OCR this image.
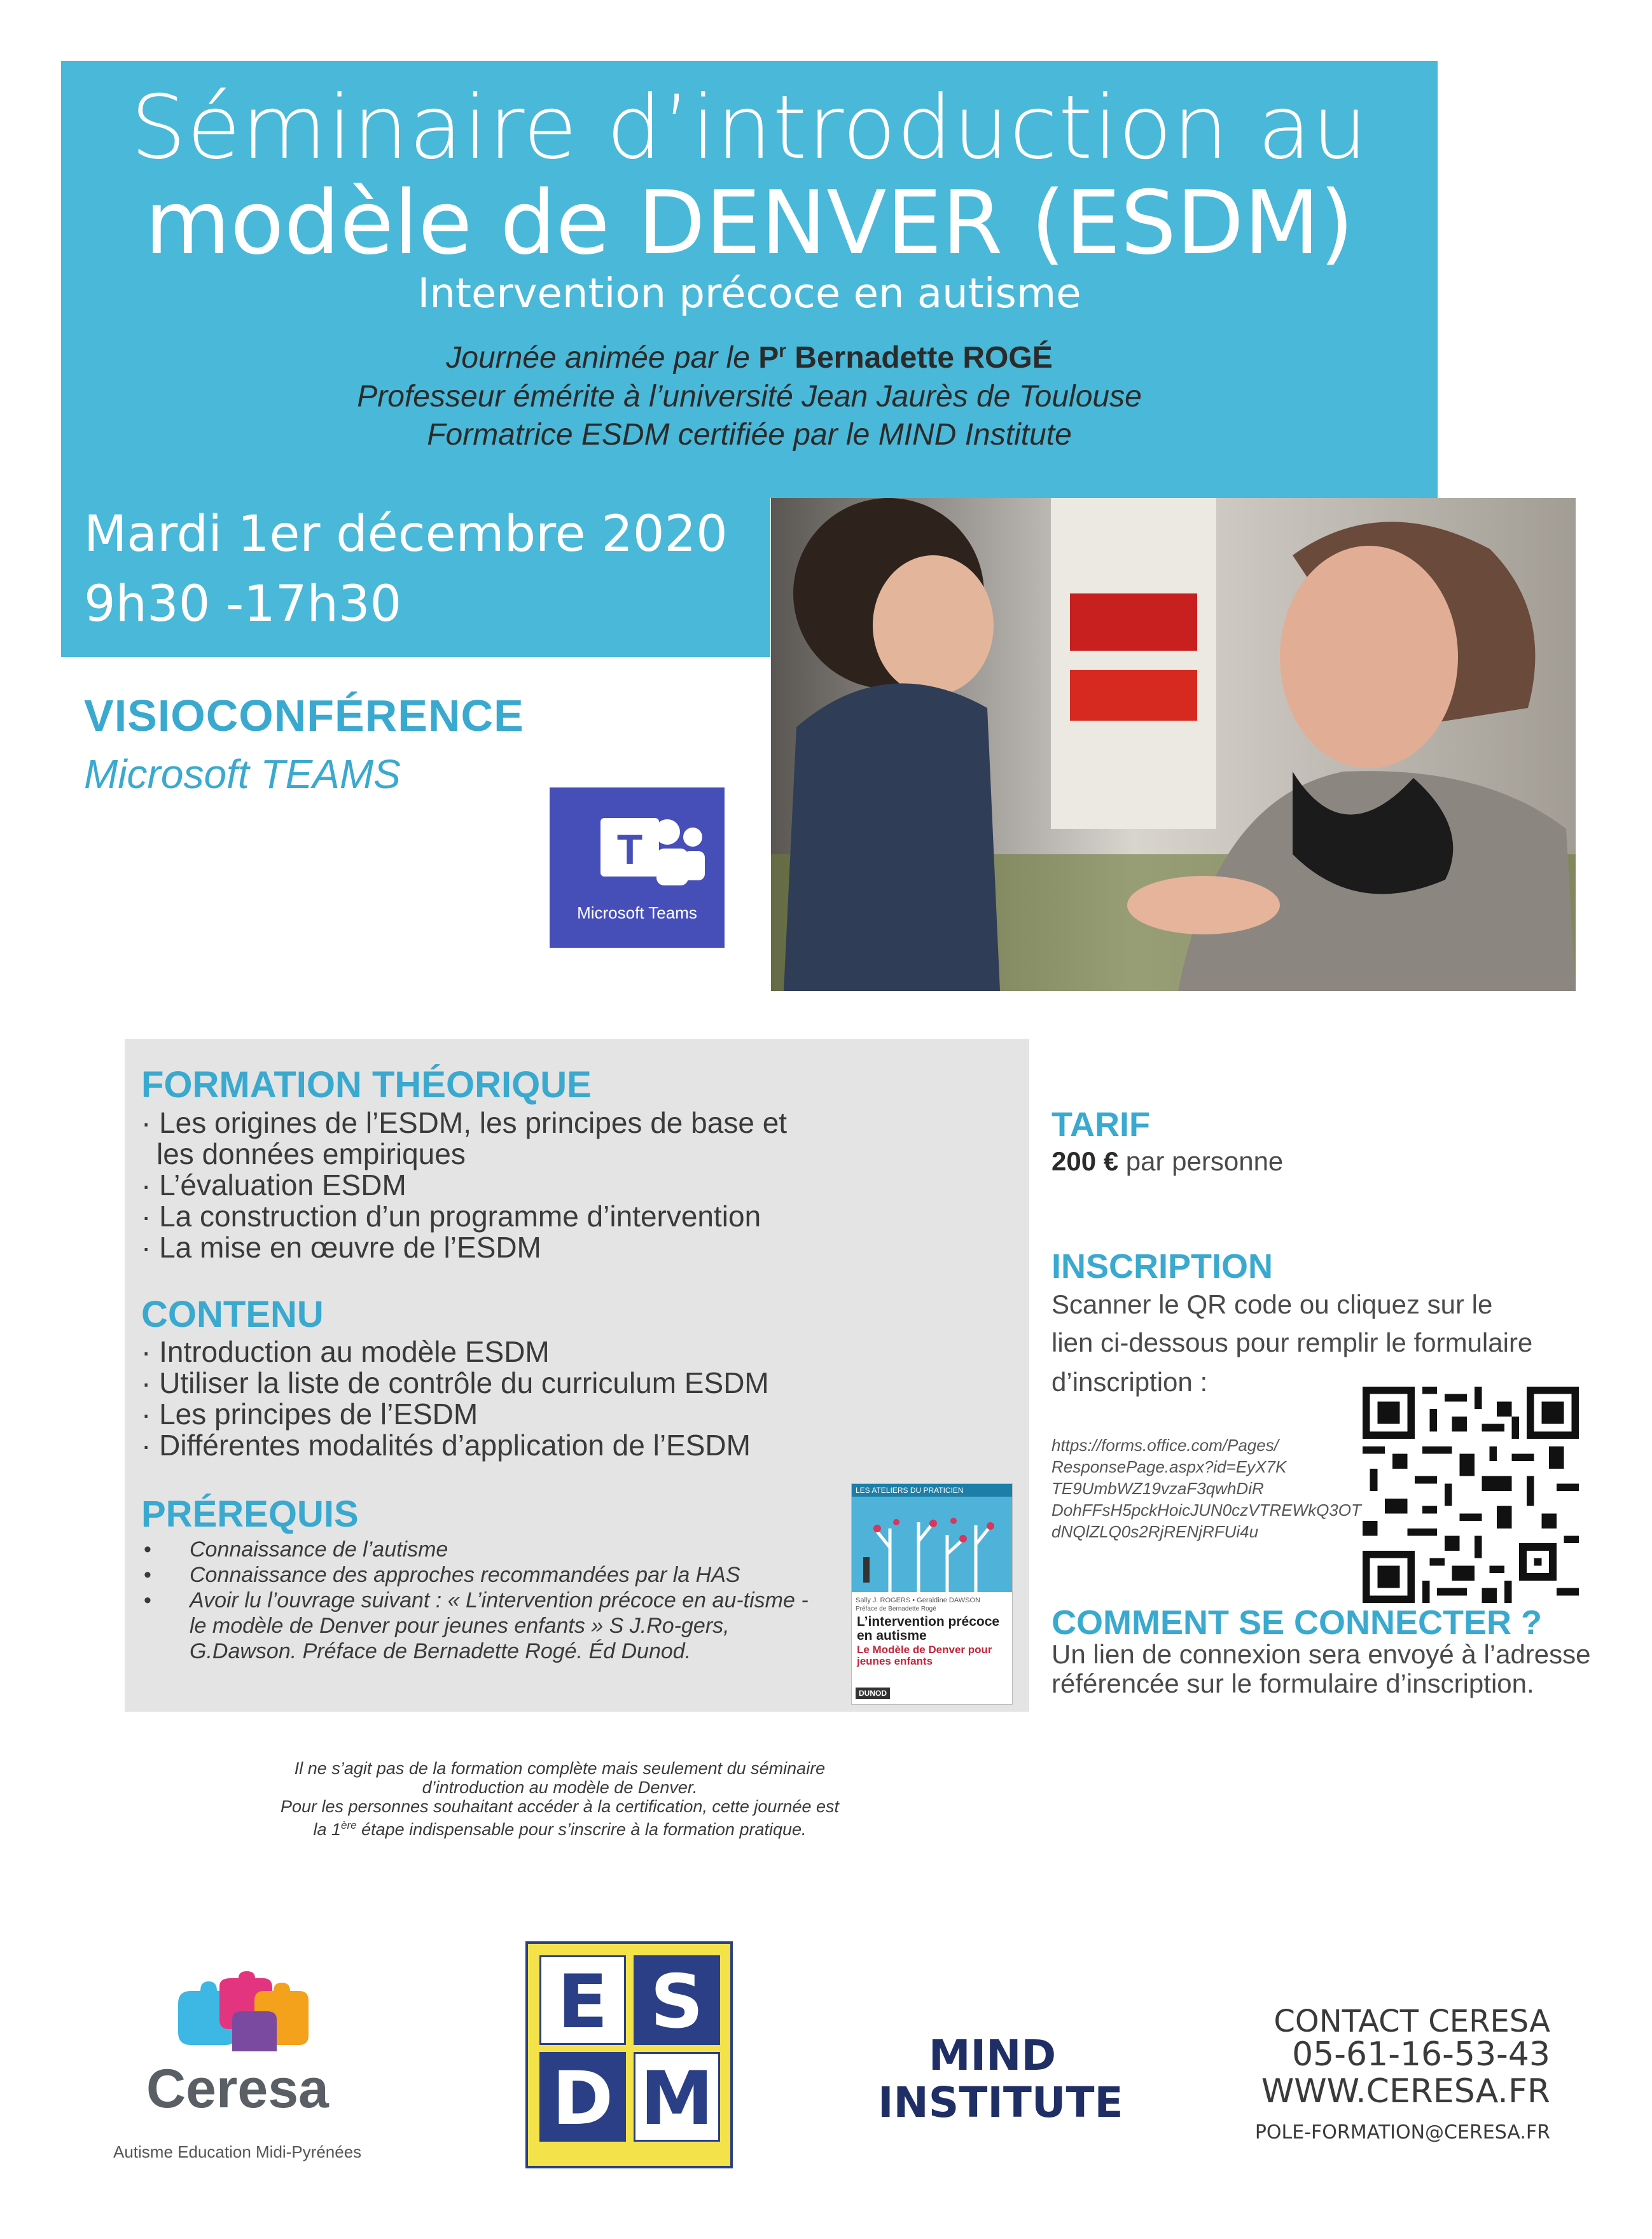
Séminaire d’introduction au
modèle de DENVER (ESDM)
Intervention précoce en autisme
Journée animée par le $P^r$ Bernadette ROGÉ
Professeur émérite à l’université Jean Jaurès de Toulouse
Formatrice ESDM certifiée par le MIND Institute
Mardi 1er décembre 2020
9h30 -17h30
VISIOCONFÉRENCE
Microsoft TEAMS
T
Microsoft Teams
FORMATION THÉORIQUE
· Les origines de l’ESDM, les principes de base et
les données empiriques
· L’évaluation ESDM
· La construction d’un programme d’intervention
· La mise en œuvre de l’ESDM
CONTENU
· Introduction au modèle ESDM
· Utiliser la liste de contrôle du curriculum ESDM
· Les principes de l’ESDM
· Différentes modalités d’application de l’ESDM
PRÉREQUIS
• Connaissance de l’autisme
• Connaissance des approches recommandées par la HAS
• Avoir lu l’ouvrage suivant : « L’intervention précoce en au-tisme - le modèle de Denver pour jeunes enfants » S J.Ro-gers, G.Dawson. Préface de Bernadette Rogé. Éd Dunod.
LES ATELIERS DU PRATICIEN
Sally J. ROGERS • Geraldine DAWSON
Préface de Bernadette Rogé
L’intervention précoce en autisme
Le Modèle de Denver pour jeunes enfants
DUNOD
TARIF
200 € par personne
INSCRIPTION
Scanner le QR code ou cliquez sur le
lien ci-dessous pour remplir le formulaire
d’inscription :
https://forms.office.com/Pages/
ResponsePage.aspx?id=EyX7K
TE9UmbWZ19vzaF3qwhDiR
DohFFsH5pckHoicJUN0czVTREWkQ3OT
dNQlZLQ0s2RjRENjRFUi4u
COMMENT SE CONNECTER ?
Un lien de connexion sera envoyé à l’adresse
référencée sur le formulaire d’inscription.
Il ne s’agit pas de la formation complète mais seulement du séminaire
d’introduction au modèle de Denver.
Pour les personnes souhaitant accéder à la certification, cette journée est
la 1ère étape indispensable pour s’inscrire à la formation pratique.
Ceresa
Autisme Education Midi-Pyrénées
E S
D M
MIND
INSTITUTE
CONTACT CERESA
05-61-16-53-43
WWW.CERESA.FR
POLE-FORMATION@CERESA.FR
